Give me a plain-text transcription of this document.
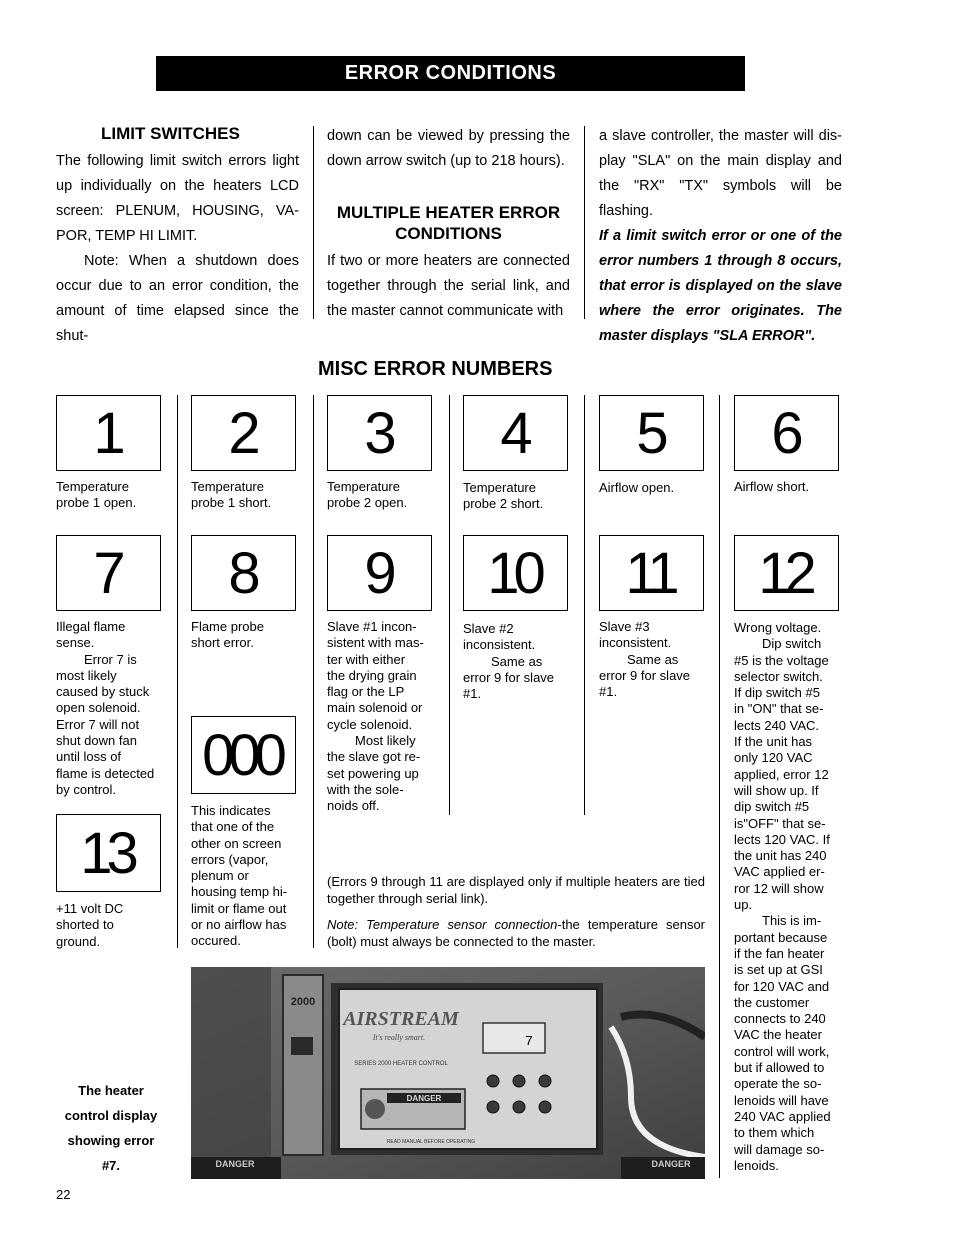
ERROR CONDITIONS
LIMIT SWITCHES

The following limit switch errors light up individually on the heaters LCD screen: PLENUM, HOUSING, VA-POR, TEMP HI LIMIT.

Note: When a shutdown does occur due to an error condition, the amount of time elapsed since the shut-

down can be viewed by pressing the down arrow switch (up to 218 hours).

MULTIPLE HEATER ERROR
CONDITIONS

If two or more heaters are connected together through the serial link, and the master cannot communicate with

a slave controller, the master will dis-play "SLA" on the main display and the "RX" "TX" symbols will be flashing.

If a limit switch error or one of the error numbers 1 through 8 occurs, that error is displayed on the slave where the error originates. The master displays "SLA ERROR".

MISC ERROR NUMBERS
1 2 3 4 5 6

Temperature

probe 1 open.

Temperature

probe 1 short.

Temperature

probe 2 open.

Temperature

probe 2 short.

Airflow open.	Airflow short.

7 8 9 10 11 12

Illegal flame

sense.

Error 7 is

most likely

caused by stuck

open solenoid.

Error 7 will not

shut down fan

until loss of

flame is detected

by control.

Flame probe

short error.

Slave #1 incon-

sistent with mas-

ter with either

the drying grain

flag or the LP

main solenoid or

cycle solenoid.

Most likely

the slave got re-

set powering up

with the sole-

noids off.

Slave #2

inconsistent.

Same as

error 9 for slave

#1.

Slave #3

inconsistent.

Same as

error 9 for slave

#1.

Wrong voltage.

Dip switch

#5 is the voltage

selector switch.

If dip switch #5

in "ON" that se-

lects 240 VAC.

If the unit has

only 120 VAC

applied, error 12

will show up. If

dip switch #5

is"OFF" that se-

lects 120 VAC. If

the unit has 240

VAC applied er-

ror 12 will show

up.

This is im-

portant because

if the fan heater

is set up at GSI

for 120 VAC and

the customer

connects to 240

VAC the heater

control will work,

but if allowed to

operate the so-

lenoids will have

240 VAC applied

to them which

will damage so-

lenoids.

000

This indicates

that one of the

other on screen

errors (vapor,

plenum or

housing temp hi-

limit or flame out

or no airflow has

occured.

13

+11 volt DC

shorted to

ground.

(Errors 9 through 11 are displayed only if multiple heaters are tied together through serial link).

Note: Temperature sensor connection-the temperature sensor (bolt) must always be connected to the master.

2000
AIRSTREAM
It's really smart.
SERIES 2000 HEATER CONTROL
7
DANGER
READ MANUAL BEFORE OPERATING
DANGER	DANGER
The heater
control display
showing error
#7.
22
